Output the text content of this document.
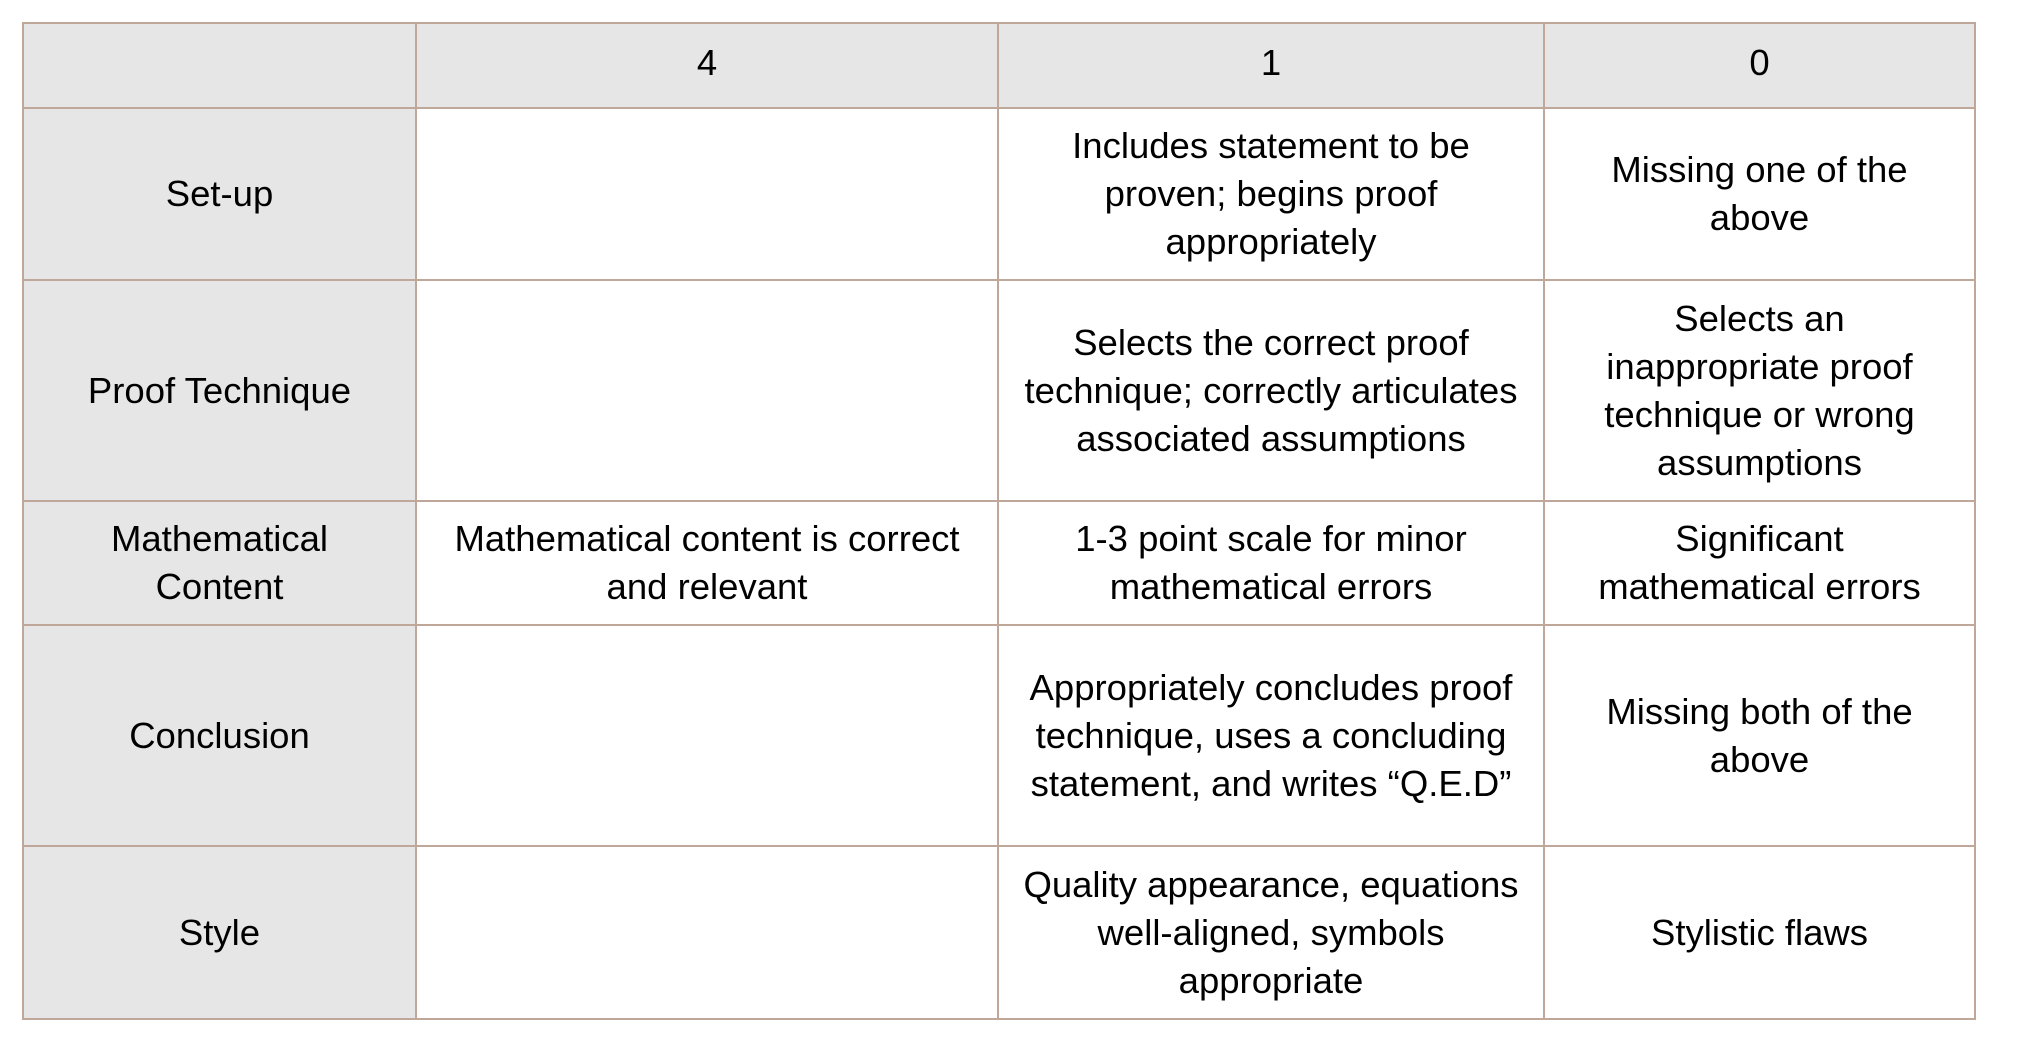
	4	1	0
Set-up		Includes statement to be proven; begins proof appropriately	Missing one of the above
Proof Technique		Selects the correct proof technique; correctly articulates associated assumptions	Selects an inappropriate proof technique or wrong assumptions
Mathematical Content	Mathematical content is correct and relevant	1-3 point scale for minor mathematical errors	Significant mathematical errors
Conclusion		Appropriately concludes proof technique, uses a concluding statement, and writes “Q.E.D”	Missing both of the above
Style		Quality appearance, equations well-aligned, symbols appropriate	Stylistic flaws
